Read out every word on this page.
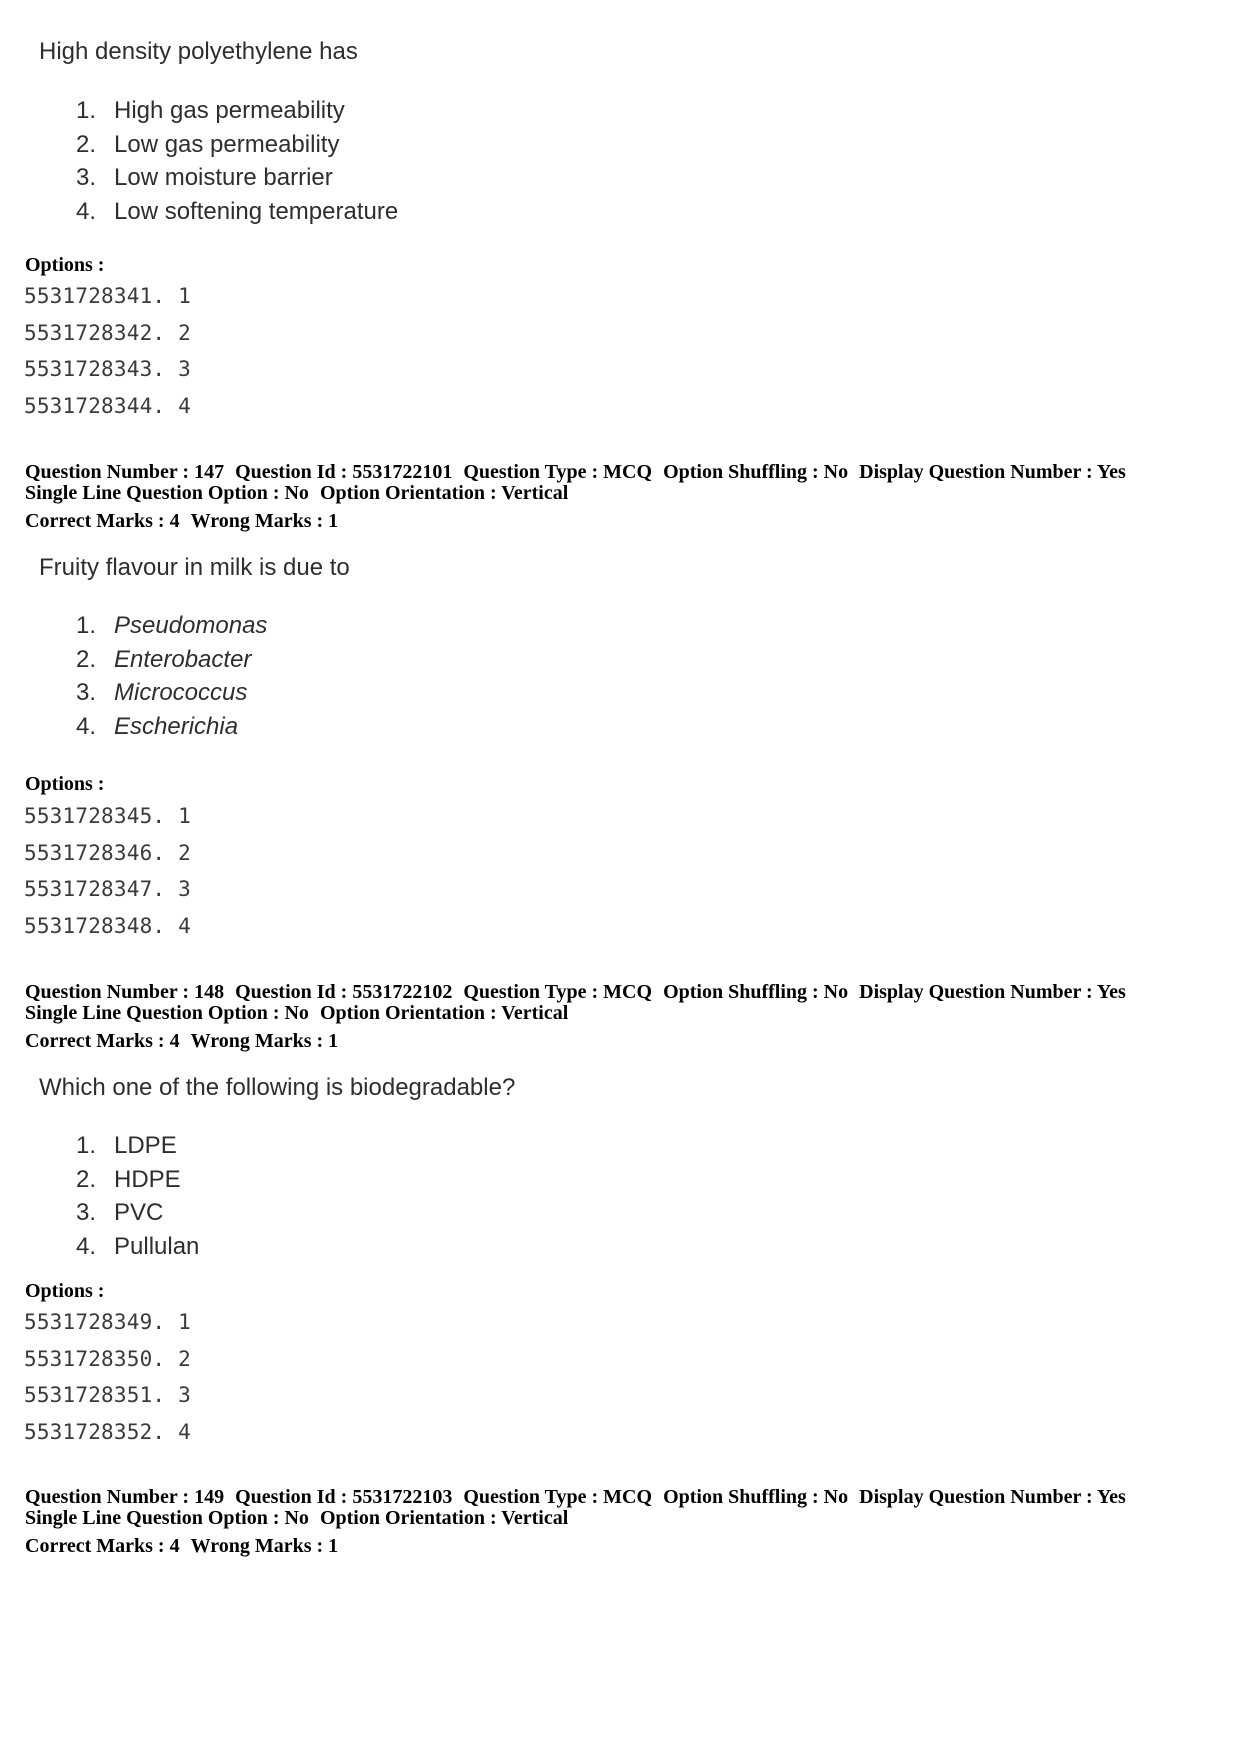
High density polyethylene has
1. High gas permeability
2. Low gas permeability
3. Low moisture barrier
4. Low softening temperature
Options :
5531728341. 1
5531728342. 2
5531728343. 3
5531728344. 4
Question Number : 147 Question Id : 5531722101 Question Type : MCQ Option Shuffling : No Display Question Number : Yes
Single Line Question Option : No Option Orientation : Vertical
Correct Marks : 4 Wrong Marks : 1
Fruity flavour in milk is due to
1. Pseudomonas
2. Enterobacter
3. Micrococcus
4. Escherichia
Options :
5531728345. 1
5531728346. 2
5531728347. 3
5531728348. 4
Question Number : 148 Question Id : 5531722102 Question Type : MCQ Option Shuffling : No Display Question Number : Yes
Single Line Question Option : No Option Orientation : Vertical
Correct Marks : 4 Wrong Marks : 1
Which one of the following is biodegradable?
1. LDPE
2. HDPE
3. PVC
4. Pullulan
Options :
5531728349. 1
5531728350. 2
5531728351. 3
5531728352. 4
Question Number : 149 Question Id : 5531722103 Question Type : MCQ Option Shuffling : No Display Question Number : Yes
Single Line Question Option : No Option Orientation : Vertical
Correct Marks : 4 Wrong Marks : 1
